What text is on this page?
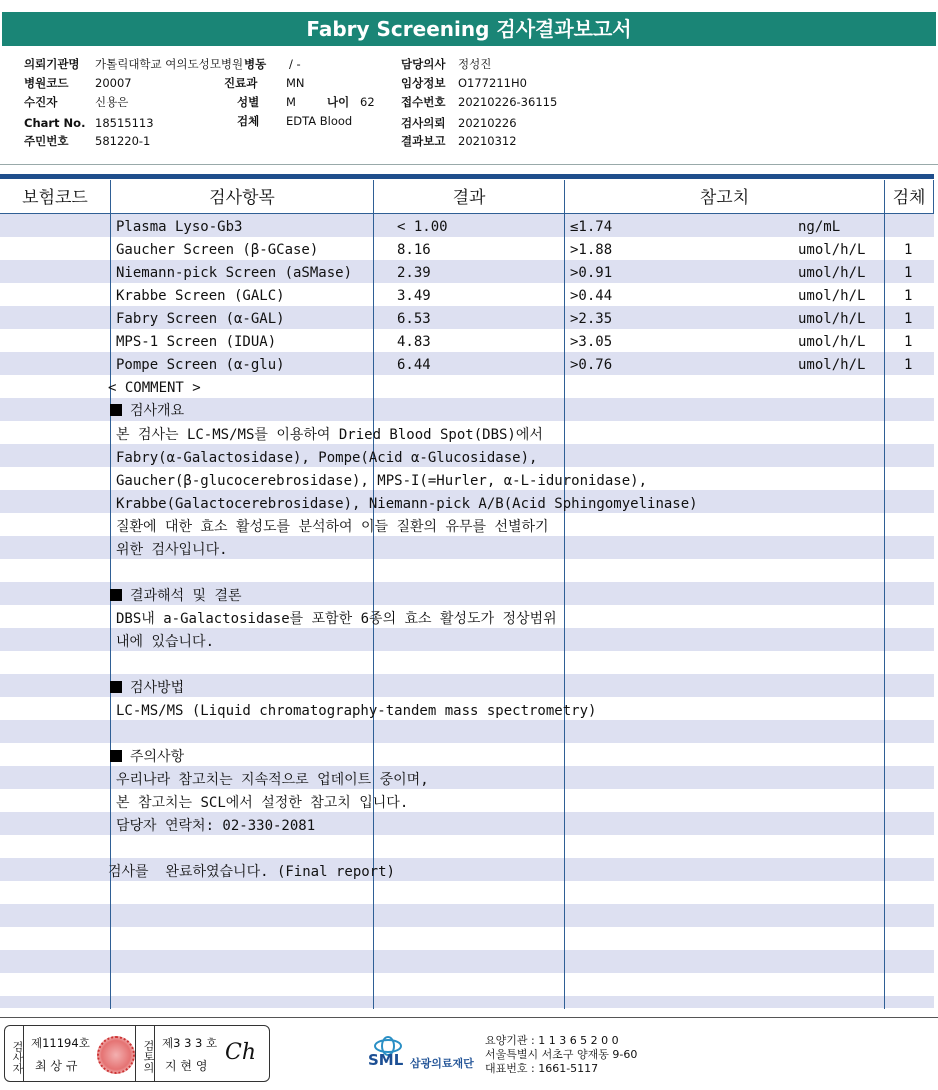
Fabry Screening 검사결과보고서
의뢰기관명 가톨릭대학교 여의도성모병원 병동 / -	담당의사 정성진
병원코드 20007	진료과 MN	임상정보 O177211H0
수진자	신용은	성별 M	나이 62 접수번호 20210226-36115
Chart No. 18515113	검체 EDTA Blood	검사의뢰 20210226
주민번호 581220-1	결과보고 20210312
보험코드	검사항목	결과	참고치	검체
Plasma Lyso-Gb3	< 1.00	≤1.74	ng/mL
Gaucher Screen (β-GCase)	8.16	>1.88	umol/h/L	1
Niemann-pick Screen (aSMase)	2.39	>0.91	umol/h/L	1
Krabbe Screen (GALC)	3.49	>0.44	umol/h/L	1
Fabry Screen (α-GAL)	6.53	>2.35	umol/h/L	1
MPS-1 Screen (IDUA)	4.83	>3.05	umol/h/L	1
Pompe Screen (α-glu)	6.44	>0.76	umol/h/L	1
< COMMENT >
검사개요
본 검사는 LC-MS/MS를 이용하여 Dried Blood Spot(DBS)에서
Fabry(α-Galactosidase), Pompe(Acid α-Glucosidase),
Gaucher(β-glucocerebrosidase), MPS-I(=Hurler, α-L-iduronidase),
Krabbe(Galactocerebrosidase), Niemann-pick A/B(Acid Sphingomyelinase)
질환에 대한 효소 활성도를 분석하여 이들 질환의 유무를 선별하기
위한 검사입니다.
결과해석 및 결론
DBS내 a-Galactosidase를 포함한 6종의 효소 활성도가 정상범위
내에 있습니다.
검사방법
LC-MS/MS (Liquid chromatography-tandem mass spectrometry)
주의사항
우리나라 참고치는 지속적으로 업데이트 중이며,
본 참고치는 SCL에서 설정한 참고치 입니다.
담당자 연락처: 02-330-2081
검사를  완료하였습니다. (Final report)
검사자 제11194호
최 상 규	검토의 제3 3 3 호
지 현 영
Ch	SML 삼광의료재단
요양기관 : 1 1 3 6 5 2 0 0
서울특별시 서초구 양재동 9-60
대표번호 : 1661-5117
